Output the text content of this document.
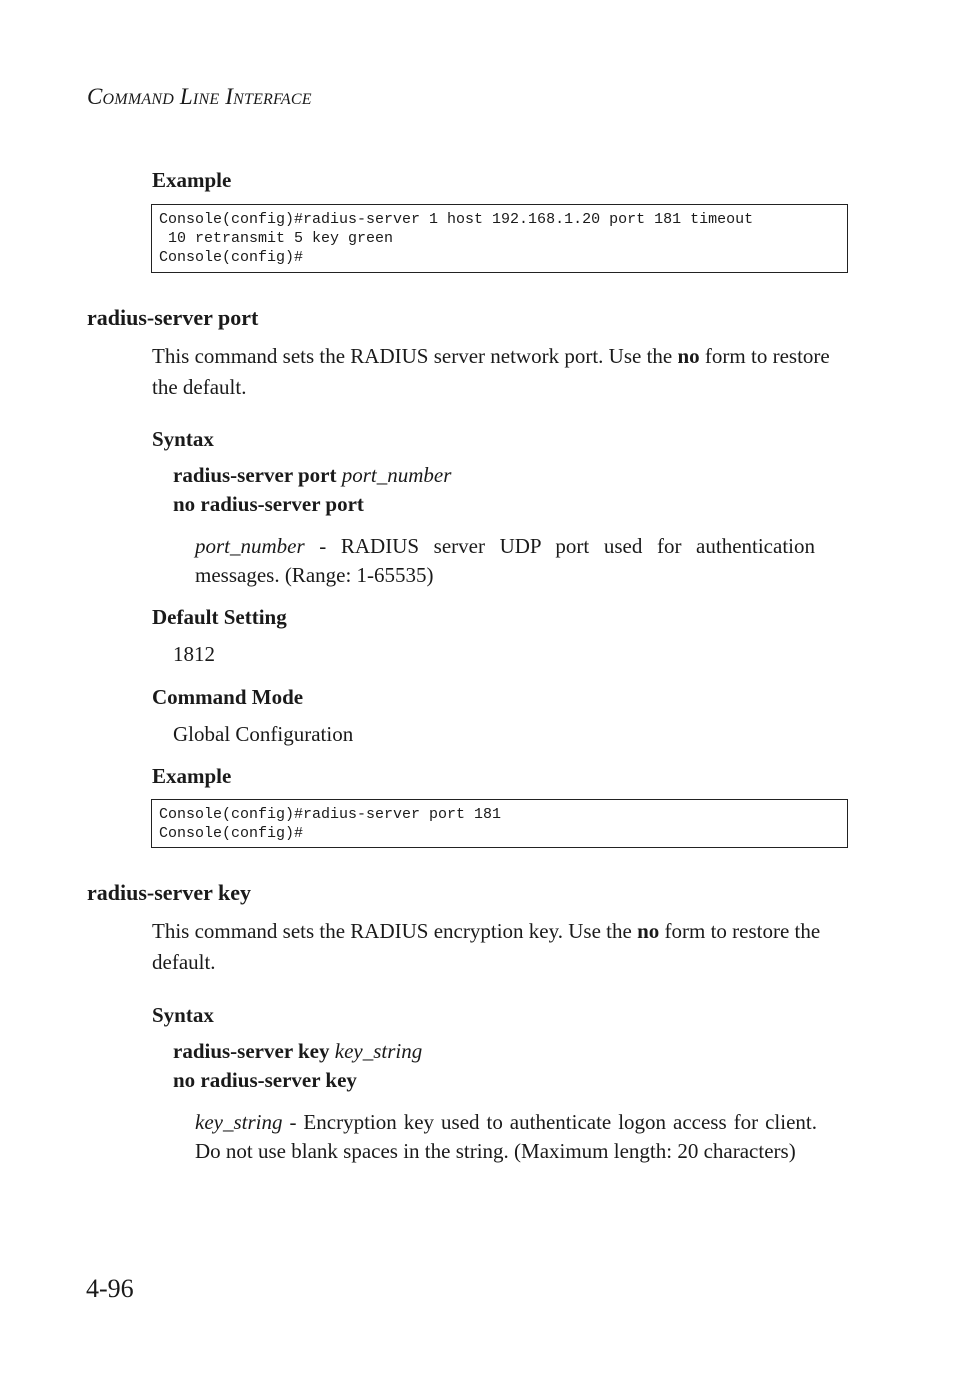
COMMAND LINE INTERFACE
Example
Console(config)#radius-server 1 host 192.168.1.20 port 181 timeout
10 retransmit 5 key green
Console(config)#
radius-server port
This command sets the RADIUS server network port. Use the no form to restore the default.
Syntax
radius-server port port_number
no radius-server port
port_number - RADIUS server UDP port used for authentication messages. (Range: 1-65535)
Default Setting
1812
Command Mode
Global Configuration
Example
Console(config)#radius-server port 181
Console(config)#
radius-server key
This command sets the RADIUS encryption key. Use the no form to restore the default.
Syntax
radius-server key key_string
no radius-server key
key_string - Encryption key used to authenticate logon access for client. Do not use blank spaces in the string. (Maximum length: 20 characters)
4-96
